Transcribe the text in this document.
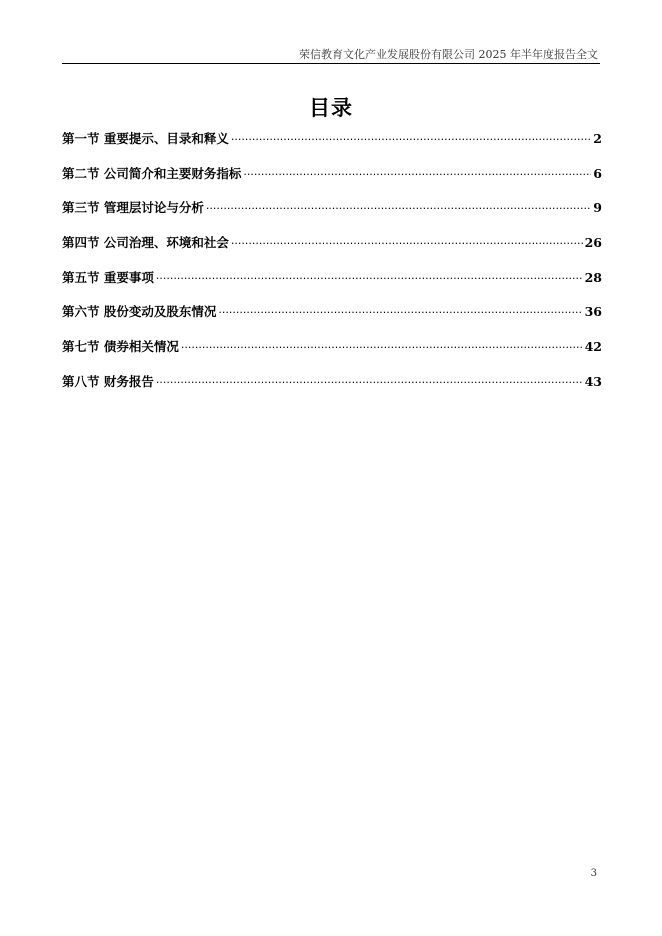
荣信教育文化产业发展股份有限公司 2025 年半年度报告全文
目录
第一节 重要提示、目录和释义 .....	2
第二节 公司简介和主要财务指标 .....	6
第三节 管理层讨论与分析 .....	9
第四节 公司治理、环境和社会 .....	26
第五节 重要事项 .....	28
第六节 股份变动及股东情况 .....	36
第七节 债券相关情况 .....	42
第八节 财务报告 .....	43
3
